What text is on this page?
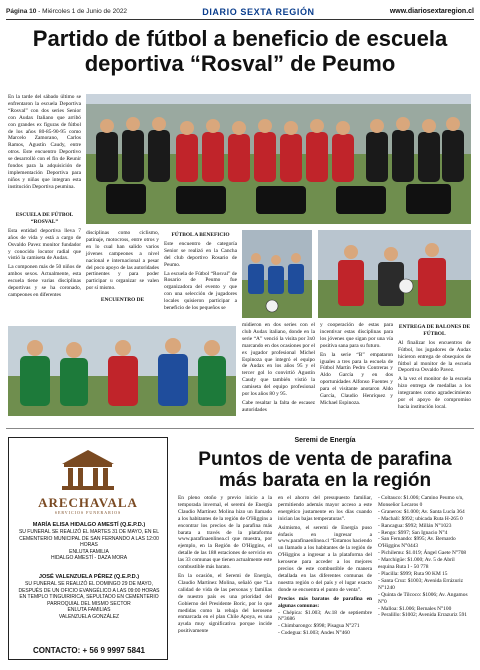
Página 10 - Miércoles 1 de Junio de 2022	DIARIO SEXTA REGIÓN	www.diariosextaregion.cl
Partido de fútbol a beneficio de escuela deportiva “Rosval” de Peumo

En la tarde del sábado último se enfrentaron la escuela Deportiva “Rosval” con dos series Senior con Audax Italiano que arribó con grandes ex figuras de fútbol de los años 80-85-90-95 como Marcelo Zamorano, Carlos Ramos, Agustín Caudy, entre otros. Este encuentro Deportivo se desarrolló con el fin de Reunir fondos para la adquisición de implementación Deportiva para niños y niñas que integran esta institución Deportiva peumina.

ESCUELA DE FÚTBOL “ROSVAL”

Esta entidad deportiva lleva 7 años de vida y está a cargo de Osvaldo Pavez monitor fundador y conocido locutor radial que vistió la camiseta de Audax.

La componen más de 50 niños de ambos sexos. Actualmente, esta escuela tiene varias disciplinas deportivas y se ha coronado, campeones en diferentes

disciplinas como ciclismo, patinaje, motocross, entre otros y en lo cual han salido varios jóvenes campeones a nivel nacional e internacional a pesar del poco apoyo de las autoridades pertinentes y para poder participar u organizar se valen por sí mismo.

ENCUENTRO DE
FÚTBOL A BENEFICIO

Este encuentro de categoría Senior se realizó en la Cancha del club deportivo Rosario de Peumo.

La escuela de Fútbol “Rosval” de Rosario de Peumo fue organizadora del evento y que con una selección de jugadores locales quisieron participar a beneficio de los pequeños se

midieron en dos series con el club Audax italiano, donde en la serie “A” venció la visita por 3x0 marcando en dos ocasiones por el ex jugador profesional Michel Espinoza que integró el equipo de Audax en los años 95 y el tercer gol lo convirtió Agustín Caudy que también vistió la camiseta del equipo profesional por los años 80 y 95.

Cabe resaltar la falta de escasez autoridades

y cooperación de estas para incentivar estas disciplinas para los jóvenes que sigan por una vía positiva sana para su futuro.

En la serie “B” empataron iguales a tres para la escuela de Fútbol Martín Pedro Contreras y Aldo García y en dos oportunidades Alfonso Fuentes y para el visitante anotaron Aldo García, Claudio Henríquez y Michael Espinoza.

ENTREGA DE BALONES DE FÚTBOL

Al finalizar los encuentros de Fútbol, los jugadores de Audax hicieron entrega de obsequios de fútbol al monitor de la escuela Deportiva Osvaldo Pavez.

A la vez el monitor de la escuela hizo entrega de medallas a los integrantes como agradecimiento por el apoyo de compromiso hacia institución local.

ARECHAVALA
SERVICIOS FUNERARIOS
MARÍA ELISA HIDALGO AMESTÍ (Q.E.P.D.)
SU FUNERAL SE REALIZÓ EL MARTES 31 DE MAYO, EN EL CEMENTERIO MUNICIPAL DE SAN FERNANDO A LAS 12:00 HORAS
ENLUTA FAMILIA
HIDALGO AMESTÍ - DAZA MORA
JOSÉ VALENZUELA PÉREZ (Q.E.P.D.)
SU FUNERAL SE REALIZÓ EL DOMINGO 29 DE MAYO, DESPUÉS DE UN OFICIO EVANGÉLICO A LAS 09:00 HORAS EN TEMPLO TINGUIRIRICA, SEPULTADO EN CEMENTERIO PARROQUIAL DEL MISMO SECTOR
ENLUTA FAMILIAS
VALENZUELA GONZÁLEZ
CONTACTO: + 56 9 9997 5841
Seremi de Energía
Puntos de venta de parafina más barata en la región

En pleno otoño y previo inicio a la temporada invernal, el seremi de Energía Claudio Martínez Molina hizo un llamado a los habitantes de la región de O'Higgins a encontrar los precios de la parafina más barata a través de la plataforma www.parafinaenlinea.cl que muestra, por ejemplo, en la Región de O'Higgins, el detalle de las 188 estaciones de servicio en las 33 comunas que tienen actualmente este combustible más barato.

En la ocasión, el Seremi de Energía, Claudio Martínez Molina, señaló que “La calidad de vida de las personas y familias de nuestro país es una prioridad del Gobierno del Presidente Boric, por lo que medidas como la rebaja del kerosene enmarcada en el plan Chile Apoya, es una ayuda muy significativa porque incide positivamente

en el ahorro del presupuesto familiar, permitiendo además mayor acceso a este energético justamente en los días cuando inician las bajas temperaturas”.

Asimismo, el seremi de Energía puso énfasis en ingresar a www.parafinaenlinea.cl “Estamos haciendo un llamado a los habitantes de la región de O'Higgins a ingresar a la plataforma del kerosene para acceder a los mejores precios de este combustible de manera detallada en las diferentes comunas de nuestra región o del país y el lugar exacto donde se encuentra el punto de venta”.

Precios más baratos de parafina en algunas comunas:
- Chépica: $1.003; Av.18 de septiembre N°3686
- Chimbarongo: $998; Pisagua N°271
- Codegua: $1.003; Andes N°460
- Coltauco: $1.006; Camino Peumo s/n, Monseñor Lecaros 0
- Graneros: $1.000; Av. Santa Lucía 364
- Machalí: $992; ubicada Ruta H-265 0
- Rancagua: $992; Millán N°1023
- Rengo: $997; San Ignacio N°4
- San Fernando: $995; Av. Bernardo O'Higgins N°0443
- Pichilemu: $1.019; Ángel Gaete N°708
- Marchigüe: $1.000; Av. 5 de Abril esquina Ruta I - 50 778
- Placilla: $999; Ruta 90 KM 15
- Santa Cruz: $1003; Avenida Errázuriz N°1240
- Quinta de Tilcoco: $1006; Av. Angamos N°0
- Malloa: $1.006; Bernales N°100
- Peralillo: $1002; Avenida Errazuriz 591
